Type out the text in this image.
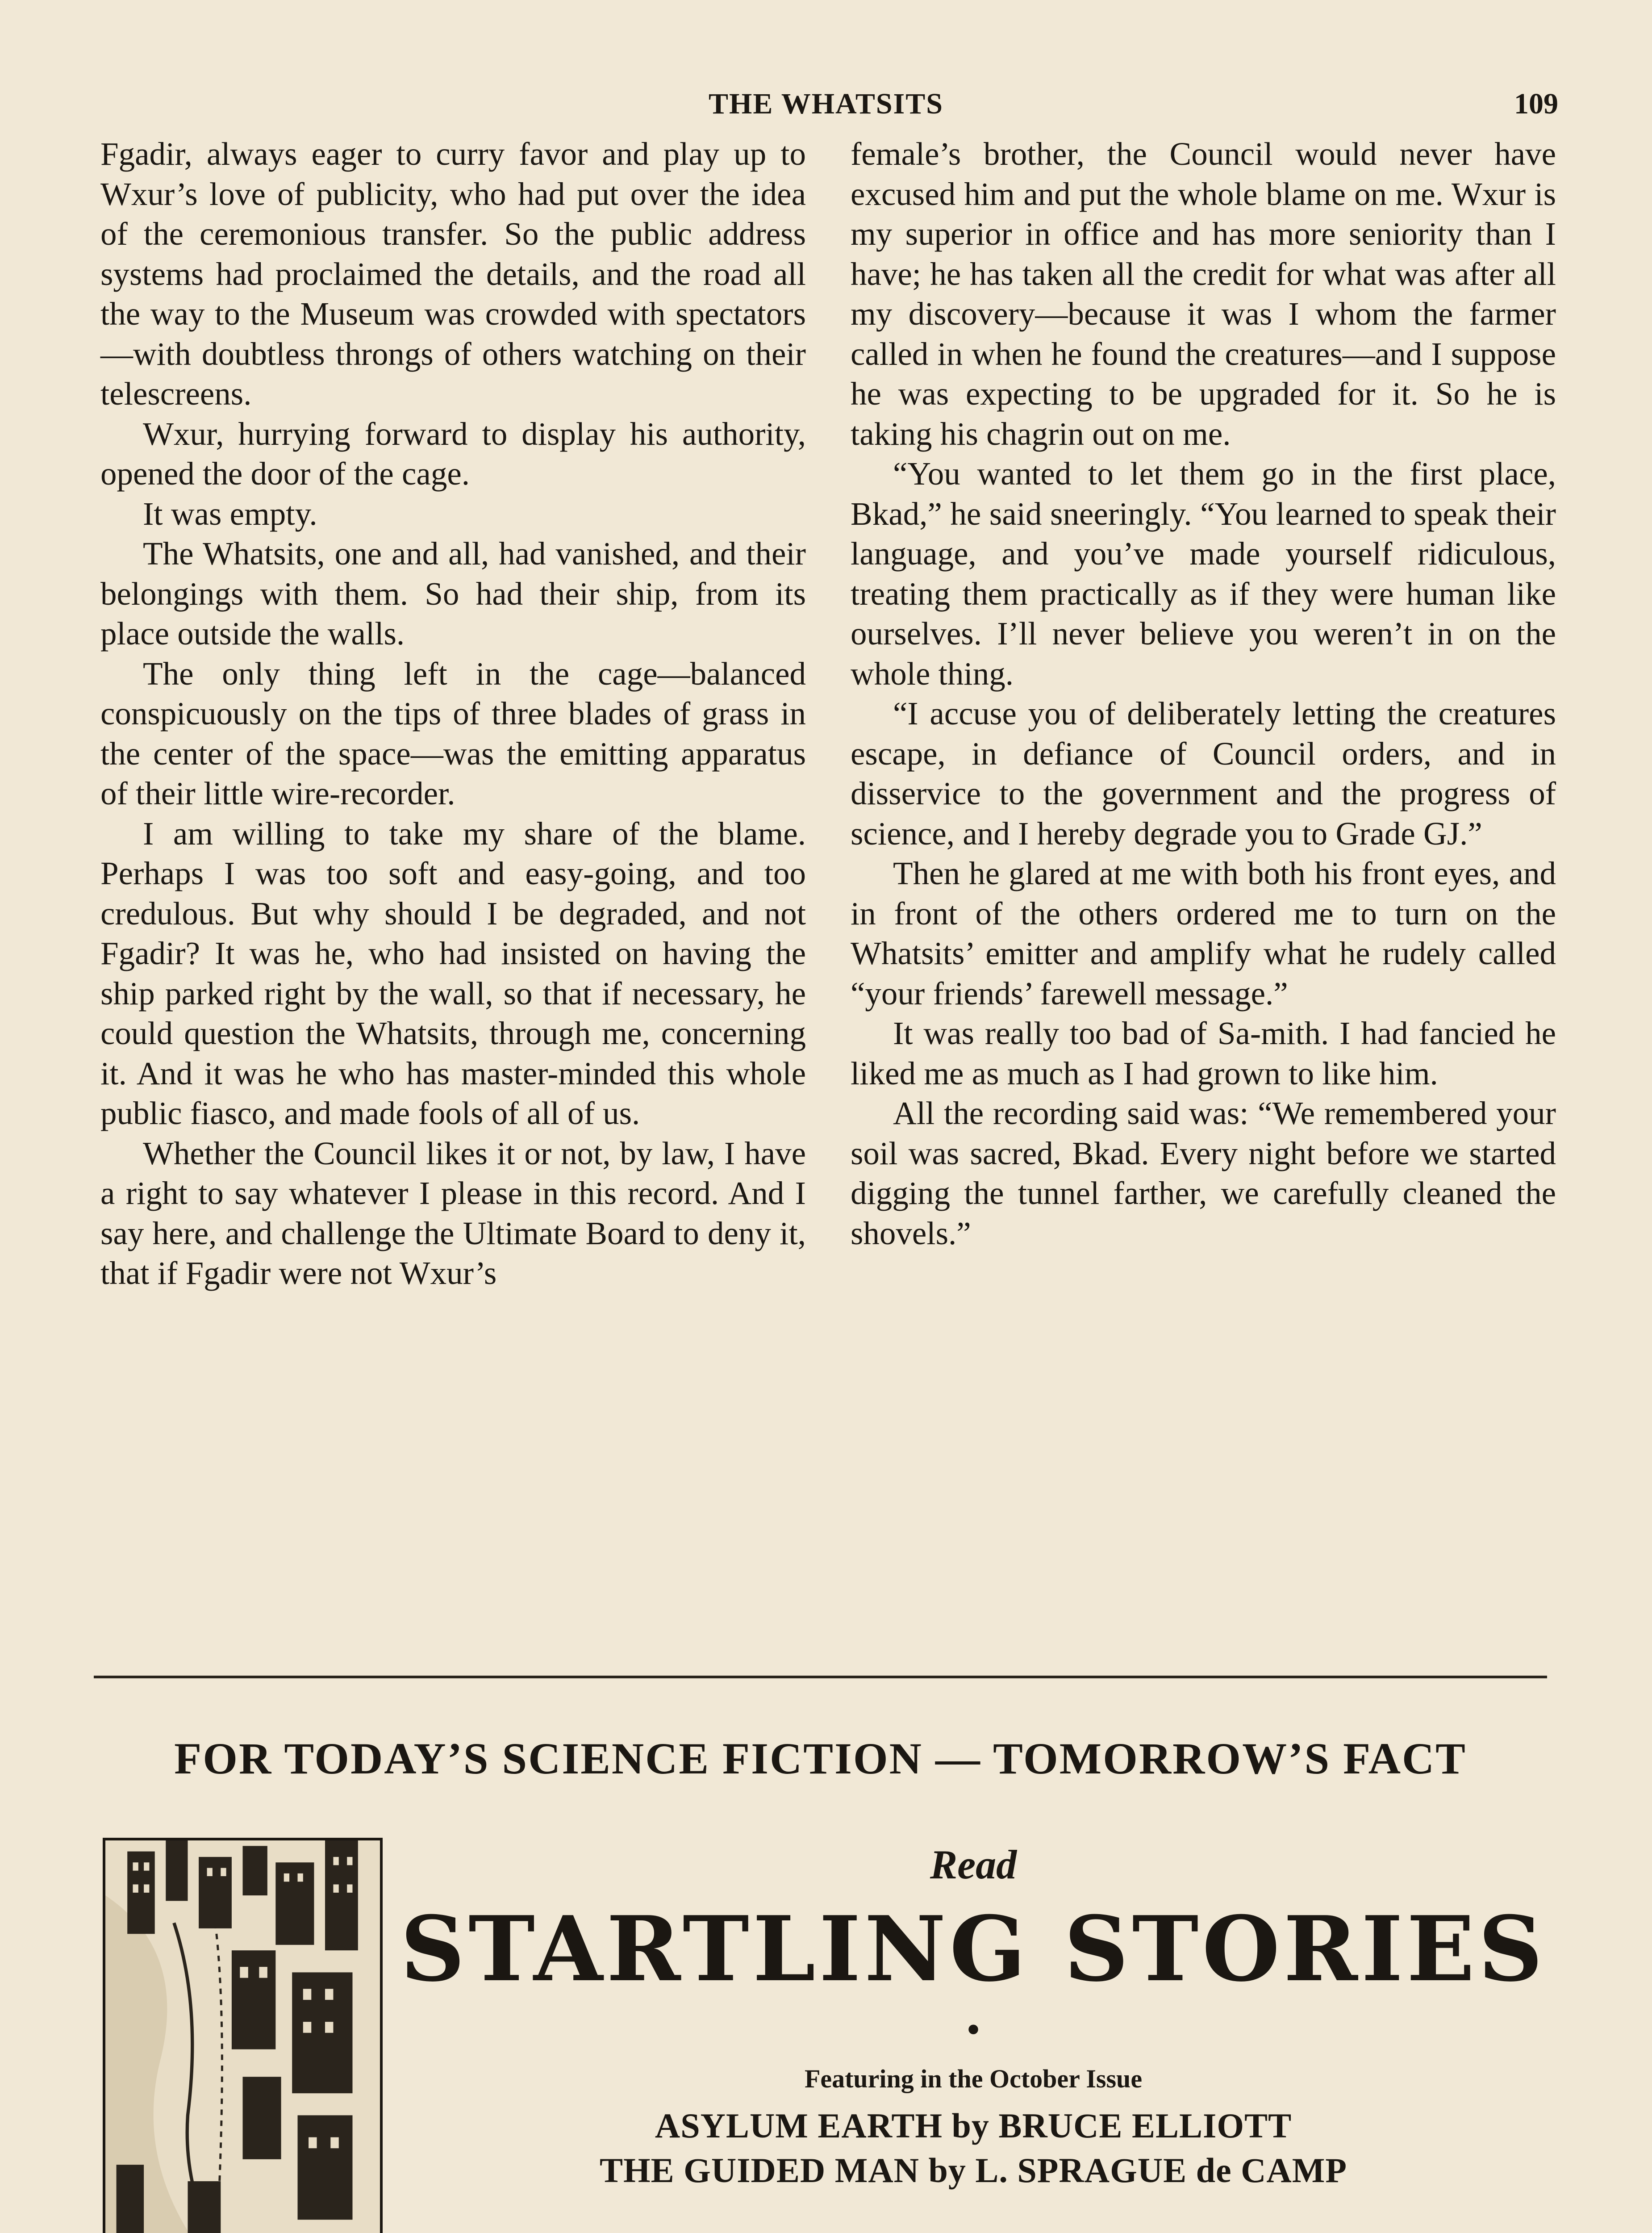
THE WHATSITS	109

Fgadir, always eager to curry favor and play up to Wxur’s love of publicity, who had put over the idea of the ceremonious transfer. So the public address systems had proclaimed the details, and the road all the way to the Museum was crowded with spectators—with doubtless throngs of others watching on their telescreens.

Wxur, hurrying forward to display his authority, opened the door of the cage.

It was empty.

The Whatsits, one and all, had vanished, and their belongings with them. So had their ship, from its place outside the walls.

The only thing left in the cage—balanced conspicuously on the tips of three blades of grass in the center of the space—was the emitting apparatus of their little wire-recorder.

I am willing to take my share of the blame. Perhaps I was too soft and easy-going, and too credulous. But why should I be degraded, and not Fgadir? It was he, who had insisted on having the ship parked right by the wall, so that if necessary, he could question the Whatsits, through me, concerning it. And it was he who has master-minded this whole public fiasco, and made fools of all of us.

Whether the Council likes it or not, by law, I have a right to say whatever I please in this record. And I say here, and challenge the Ultimate Board to deny it, that if Fgadir were not Wxur’s

female’s brother, the Council would never have excused him and put the whole blame on me. Wxur is my superior in office and has more seniority than I have; he has taken all the credit for what was after all my discovery—because it was I whom the farmer called in when he found the creatures—and I suppose he was expecting to be upgraded for it. So he is taking his chagrin out on me.

“You wanted to let them go in the first place, Bkad,” he said sneeringly. “You learned to speak their language, and you’ve made yourself ridiculous, treating them practically as if they were human like ourselves. I’ll never believe you weren’t in on the whole thing.

“I accuse you of deliberately letting the creatures escape, in defiance of Council orders, and in disservice to the government and the progress of science, and I hereby degrade you to Grade GJ.”

Then he glared at me with both his front eyes, and in front of the others ordered me to turn on the Whatsits’ emitter and amplify what he rudely called “your friends’ farewell message.”

It was really too bad of Sa-mith. I had fancied he liked me as much as I had grown to like him.

All the recording said was: “We remembered your soil was sacred, Bkad. Every night before we started digging the tunnel farther, we carefully cleaned the shovels.”

FOR TODAY’S SCIENCE FICTION — TOMORROW’S FACT
Read
STARTLING STORIES
•
Featuring in the October Issue
ASYLUM EARTH by BRUCE ELLIOTT
THE GUIDED MAN by L. SPRAGUE de CAMP
